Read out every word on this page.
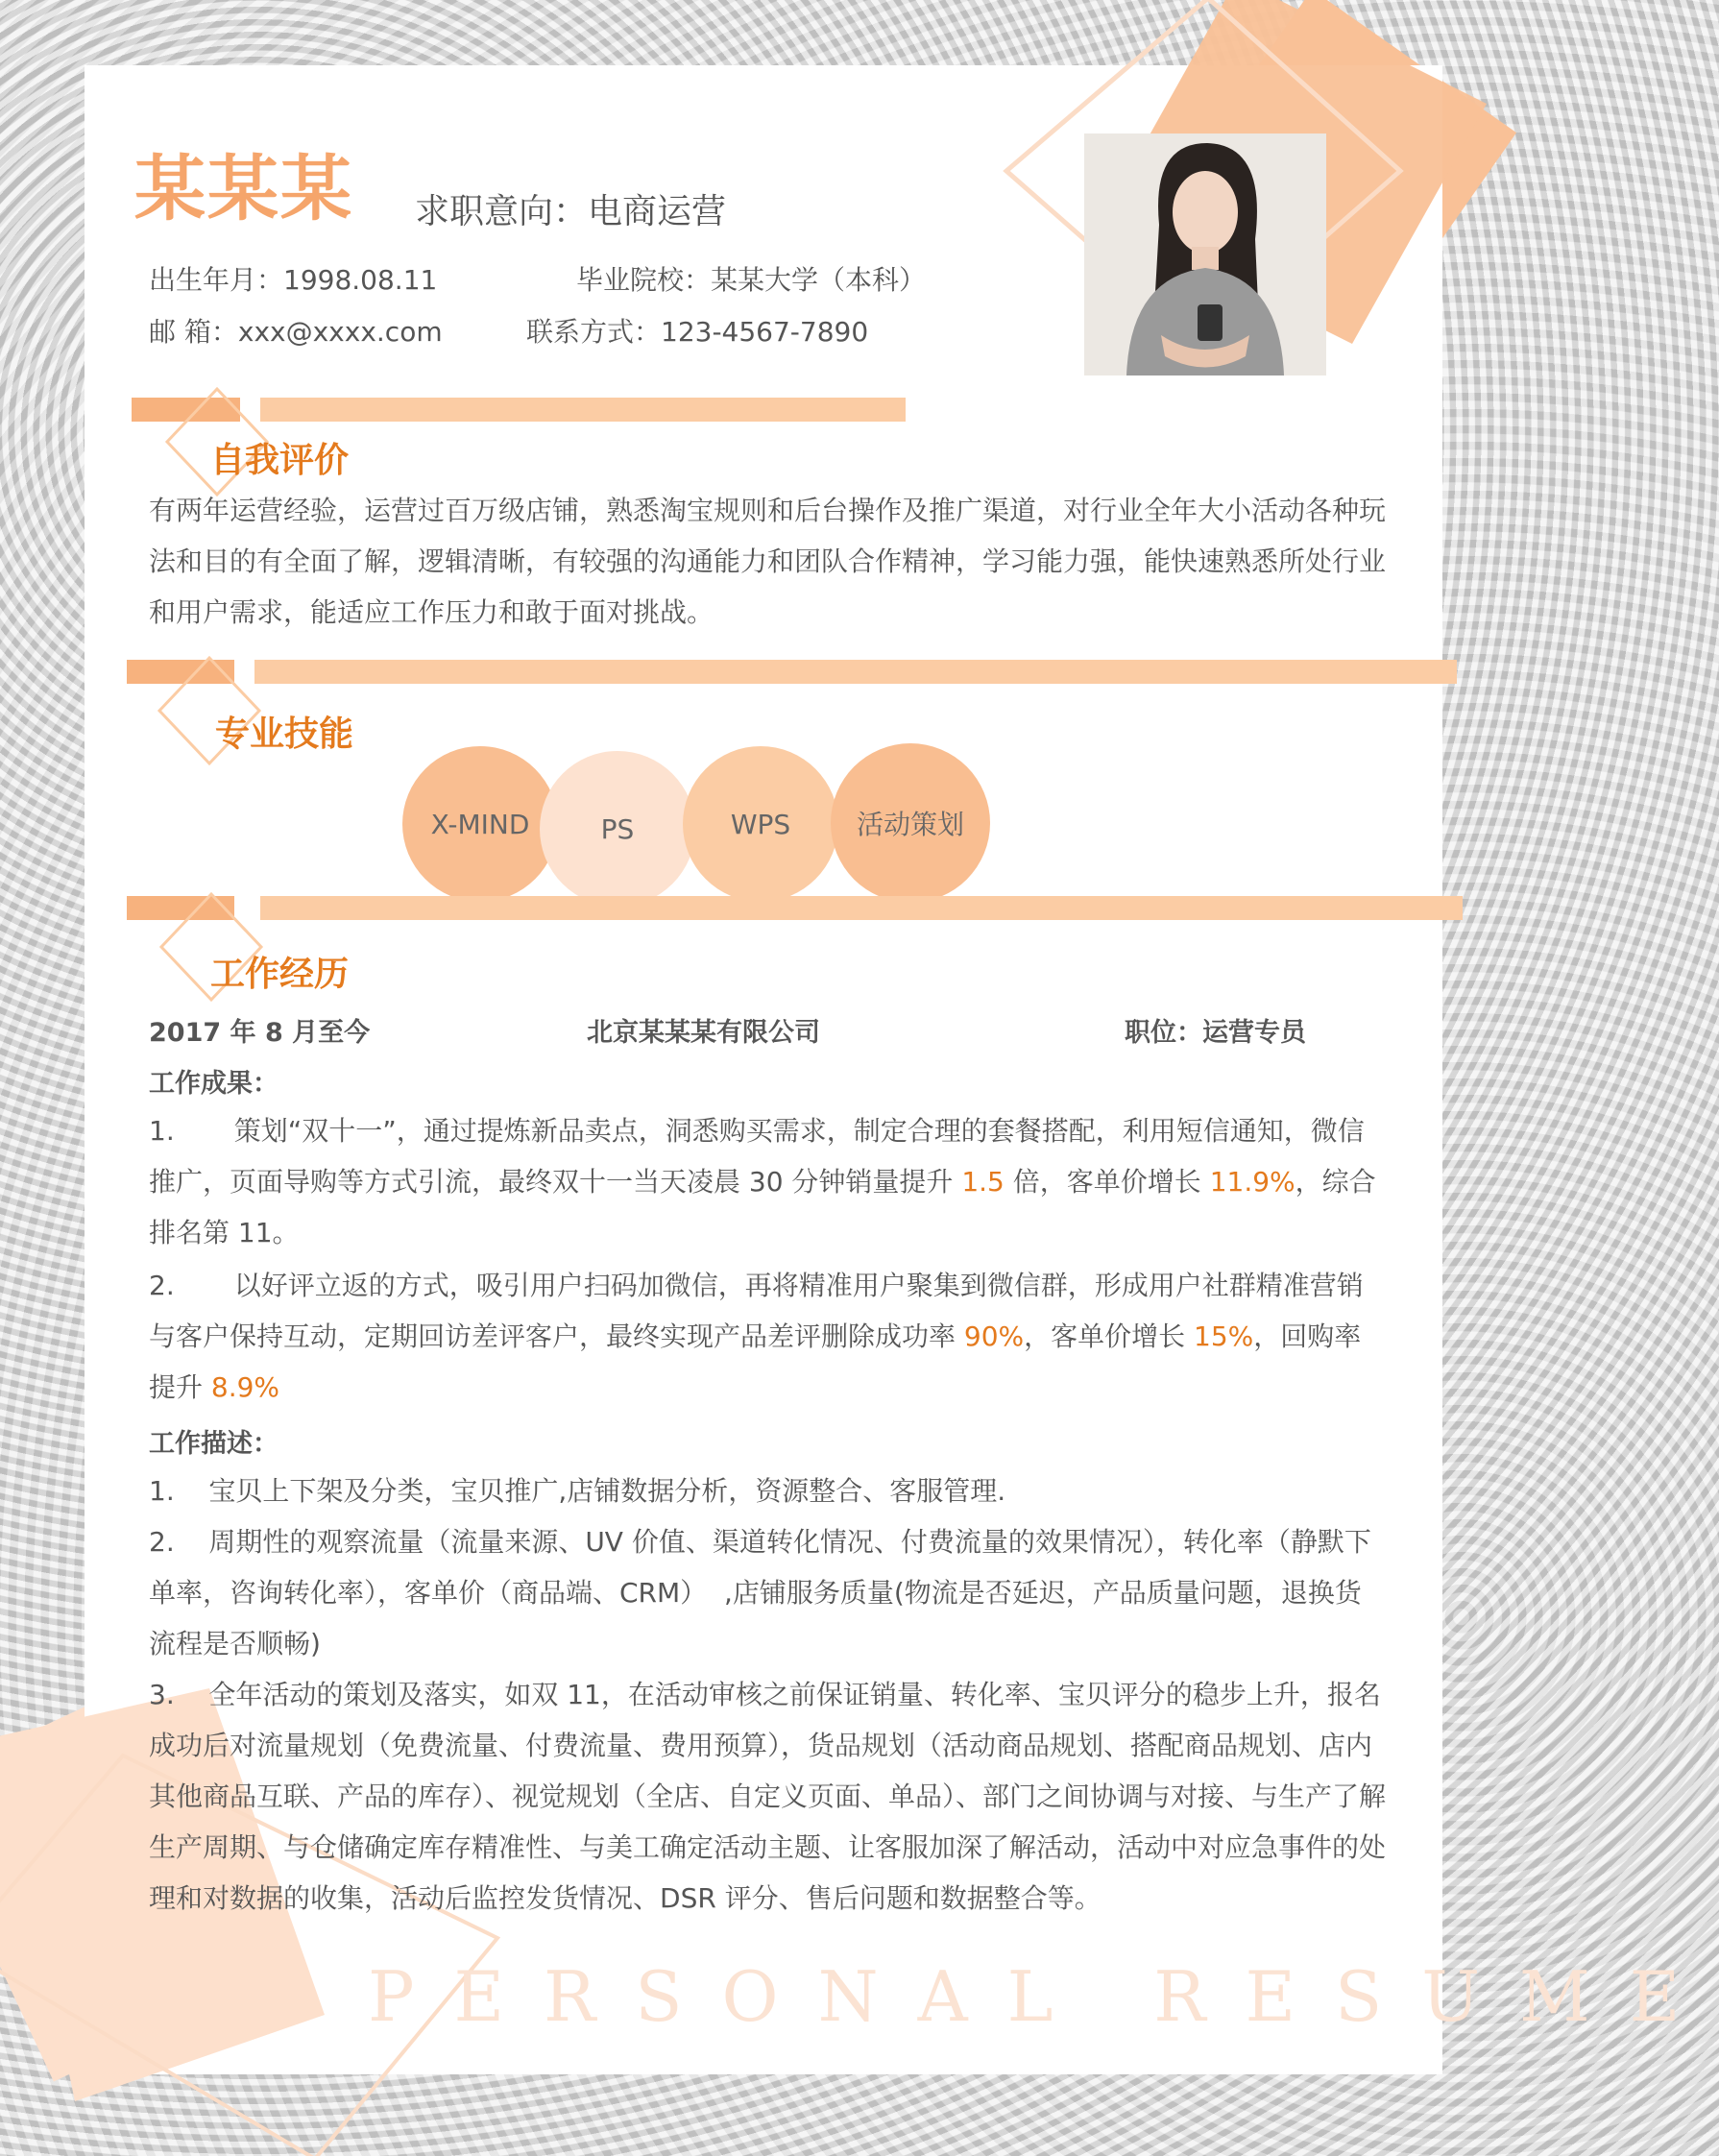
某某某 求职意向：电商运营
出生年月：1998.08.11	毕业院校：某某大学（本科）
邮 箱：xxx@xxxx.com	联系方式：123-4567-7890
自我评价
有两年运营经验，运营过百万级店铺，熟悉淘宝规则和后台操作及推广渠道，对行业全年大小活动各种玩法和目的有全面了解，逻辑清晰，有较强的沟通能力和团队合作精神，学习能力强，能快速熟悉所处行业和用户需求，能适应工作压力和敢于面对挑战。
专业技能
X-MIND	PS	WPS	活动策划
工作经历
2017 年 8 月至今	北京某某某有限公司	职位：运营专员
工作成果：

1. 策划“双十一”，通过提炼新品卖点，洞悉购买需求，制定合理的套餐搭配，利用短信通知，微信推广，页面导购等方式引流，最终双十一当天凌晨 30 分钟销量提升 1.5 倍，客单价增长 11.9%，综合排名第 11。

2. 以好评立返的方式，吸引用户扫码加微信，再将精准用户聚集到微信群，形成用户社群精准营销与客户保持互动，定期回访差评客户，最终实现产品差评删除成功率 90%，客单价增长 15%，回购率提升 8.9%

工作描述：

1.    宝贝上下架及分类，宝贝推广,店铺数据分析，资源整合、客服管理.

2.    周期性的观察流量（流量来源、UV 价值、渠道转化情况、付费流量的效果情况），转化率（静默下单率，咨询转化率），客单价（商品端、CRM）  ,店铺服务质量(物流是否延迟，产品质量问题，退换货流程是否顺畅)

3.    全年活动的策划及落实，如双 11，在活动审核之前保证销量、转化率、宝贝评分的稳步上升，报名成功后对流量规划（免费流量、付费流量、费用预算），货品规划（活动商品规划、搭配商品规划、店内其他商品互联、产品的库存）、视觉规划（全店、自定义页面、单品）、部门之间协调与对接、与生产了解生产周期、与仓储确定库存精准性、与美工确定活动主题、让客服加深了解活动，活动中对应急事件的处理和对数据的收集，活动后监控发货情况、DSR 评分、售后问题和数据整合等。

PERSONAL RESUME
